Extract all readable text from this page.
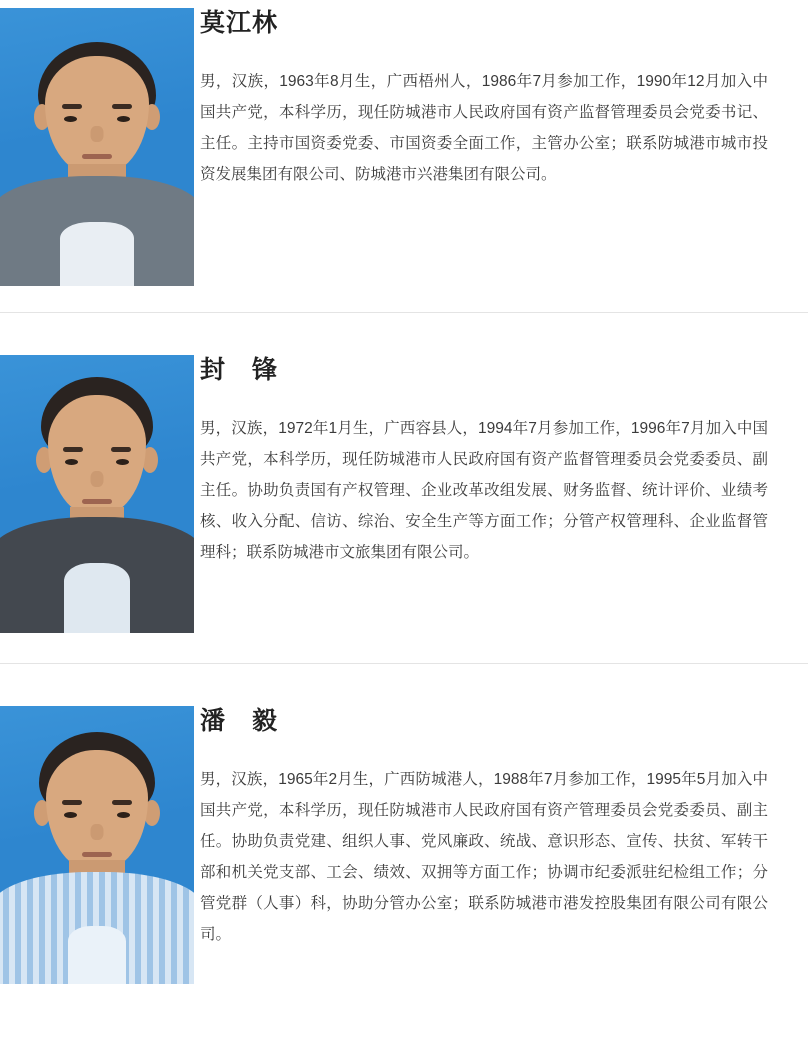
莫江林

男，汉族，1963年8月生，广西梧州人，1986年7月参加工作，1990年12月加入中国共产党，本科学历，现任防城港市人民政府国有资产监督管理委员会党委书记、主任。主持市国资委党委、市国资委全面工作，主管办公室；联系防城港市城市投资发展集团有限公司、防城港市兴港集团有限公司。

封　锋

男，汉族，1972年1月生，广西容县人，1994年7月参加工作，1996年7月加入中国共产党，本科学历，现任防城港市人民政府国有资产监督管理委员会党委委员、副主任。协助负责国有产权管理、企业改革改组发展、财务监督、统计评价、业绩考核、收入分配、信访、综治、安全生产等方面工作；分管产权管理科、企业监督管理科；联系防城港市文旅集团有限公司。

潘　毅

男，汉族，1965年2月生，广西防城港人，1988年7月参加工作，1995年5月加入中国共产党，本科学历，现任防城港市人民政府国有资产管理委员会党委委员、副主任。协助负责党建、组织人事、党风廉政、统战、意识形态、宣传、扶贫、军转干部和机关党支部、工会、绩效、双拥等方面工作；协调市纪委派驻纪检组工作；分管党群（人事）科，协助分管办公室；联系防城港市港发控股集团有限公司有限公司。
